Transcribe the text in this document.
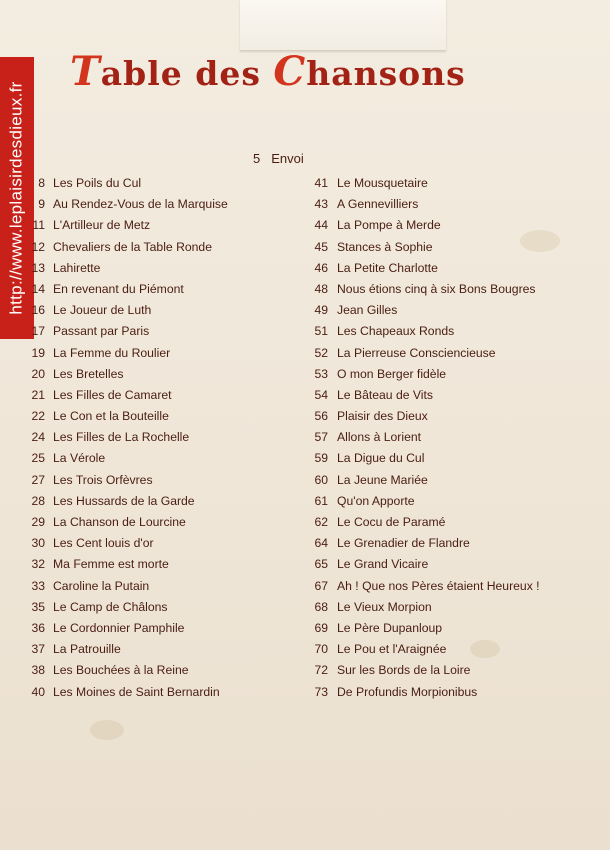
http://www.leplaisirdesdieux.fr
Table des Chansons
5 Envoi
8 Les Poils du Cul
9 Au Rendez-Vous de la Marquise
11 L'Artilleur de Metz
12 Chevaliers de la Table Ronde
13 Lahirette
14 En revenant du Piémont
16 Le Joueur de Luth
17 Passant par Paris
19 La Femme du Roulier
20 Les Bretelles
21 Les Filles de Camaret
22 Le Con et la Bouteille
24 Les Filles de La Rochelle
25 La Vérole
27 Les Trois Orfèvres
28 Les Hussards de la Garde
29 La Chanson de Lourcine
30 Les Cent louis d'or
32 Ma Femme est morte
33 Caroline la Putain
35 Le Camp de Châlons
36 Le Cordonnier Pamphile
37 La Patrouille
38 Les Bouchées à la Reine
40 Les Moines de Saint Bernardin
41 Le Mousquetaire
43 A Gennevilliers
44 La Pompe à Merde
45 Stances à Sophie
46 La Petite Charlotte
48 Nous étions cinq à six Bons Bougres
49 Jean Gilles
51 Les Chapeaux Ronds
52 La Pierreuse Consciencieuse
53 O mon Berger fidèle
54 Le Bâteau de Vits
56 Plaisir des Dieux
57 Allons à Lorient
59 La Digue du Cul
60 La Jeune Mariée
61 Qu'on Apporte
62 Le Cocu de Paramé
64 Le Grenadier de Flandre
65 Le Grand Vicaire
67 Ah ! Que nos Pères étaient Heureux !
68 Le Vieux Morpion
69 Le Père Dupanloup
70 Le Pou et l'Araignée
72 Sur les Bords de la Loire
73 De Profundis Morpionibus
